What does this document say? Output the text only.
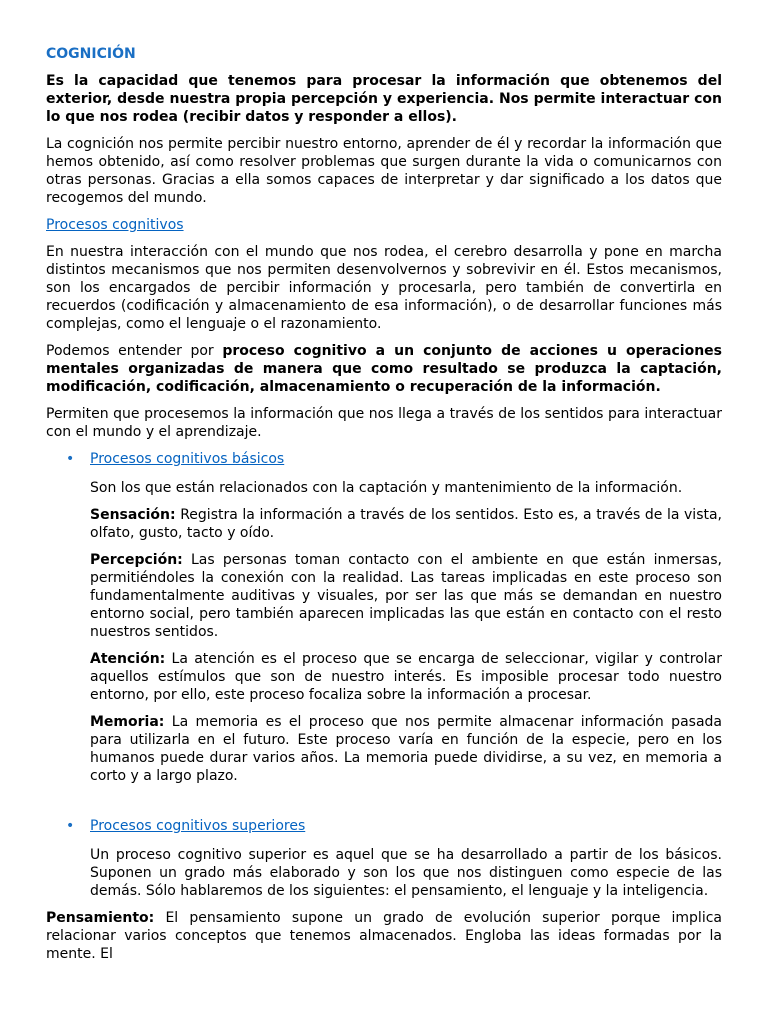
COGNICIÓN

Es la capacidad que tenemos para procesar la información que obtenemos del exterior, desde nuestra propia percepción y experiencia. Nos permite interactuar con lo que nos rodea (recibir datos y responder a ellos).

La cognición nos permite percibir nuestro entorno, aprender de él y recordar la información que hemos obtenido, así como resolver problemas que surgen durante la vida o comunicarnos con otras personas. Gracias a ella somos capaces de interpretar y dar significado a los datos que recogemos del mundo.

Procesos cognitivos

En nuestra interacción con el mundo que nos rodea, el cerebro desarrolla y pone en marcha distintos mecanismos que nos permiten desenvolvernos y sobrevivir en él. Estos mecanismos, son los encargados de percibir información y procesarla, pero también de convertirla en recuerdos (codificación y almacenamiento de esa información), o de desarrollar funciones más complejas, como el lenguaje o el razonamiento.

Podemos entender por proceso cognitivo a un conjunto de acciones u operaciones mentales organizadas de manera que como resultado se produzca la captación, modificación, codificación, almacenamiento o recuperación de la información.

Permiten que procesemos la información que nos llega a través de los sentidos para interactuar con el mundo y el aprendizaje.

• Procesos cognitivos básicos

Son los que están relacionados con la captación y mantenimiento de la información.

Sensación: Registra la información a través de los sentidos. Esto es, a través de la vista, olfato, gusto, tacto y oído.

Percepción: Las personas toman contacto con el ambiente en que están inmersas, permitiéndoles la conexión con la realidad. Las tareas implicadas en este proceso son fundamentalmente auditivas y visuales, por ser las que más se demandan en nuestro entorno social, pero también aparecen implicadas las que están en contacto con el resto nuestros sentidos.

Atención: La atención es el proceso que se encarga de seleccionar, vigilar y controlar aquellos estímulos que son de nuestro interés. Es imposible procesar todo nuestro entorno, por ello, este proceso focaliza sobre la información a procesar.

Memoria: La memoria es el proceso que nos permite almacenar información pasada para utilizarla en el futuro. Este proceso varía en función de la especie, pero en los humanos puede durar varios años. La memoria puede dividirse, a su vez, en memoria a corto y a largo plazo.

• Procesos cognitivos superiores

Un proceso cognitivo superior es aquel que se ha desarrollado a partir de los básicos. Suponen un grado más elaborado y son los que nos distinguen como especie de las demás. Sólo hablaremos de los siguientes: el pensamiento, el lenguaje y la inteligencia.

Pensamiento: El pensamiento supone un grado de evolución superior porque implica relacionar varios conceptos que tenemos almacenados. Engloba las ideas formadas por la mente. El
